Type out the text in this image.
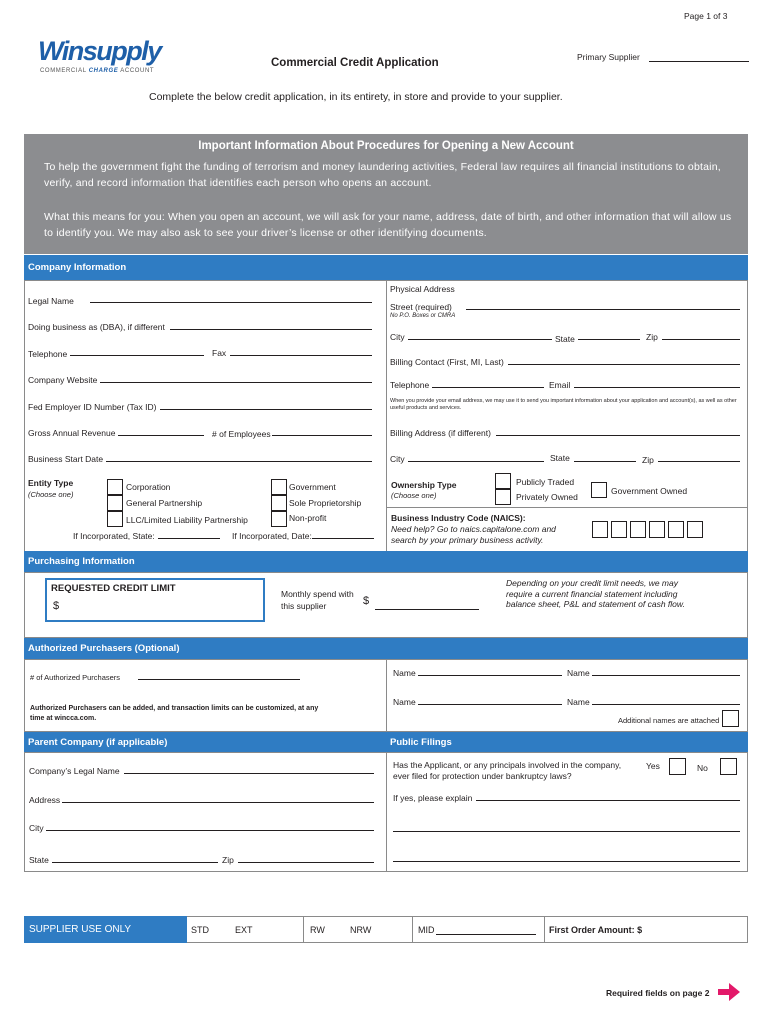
Page 1 of 3
Winsupply
COMMERCIAL CHARGE ACCOUNT
Commercial Credit Application	Primary Supplier
Complete the below credit application, in its entirety, in store and provide to your supplier.
Important Information About Procedures for Opening a New Account
To help the government fight the funding of terrorism and money laundering activities, Federal law requires all financial institutions to obtain, verify, and record information that identifies each person who opens an account.
What this means for you: When you open an account, we will ask for your name, address, date of birth, and other information that will allow us to identify you. We may also ask to see your driver’s license or other identifying documents.
Company Information
Legal Name
Doing business as (DBA), if different
Telephone	Fax
Company Website
Fed Employer ID Number (Tax ID)
Gross Annual Revenue	# of Employees
Business Start Date
Physical Address
Street (required)
No P.O. Boxes or CMRA
City	State	Zip
Billing Contact (First, MI, Last)
Telephone	Email
When you provide your email address, we may use it to send you important information about your application and account(s), as well as other useful products and services.
Billing Address (if different)
City	State	Zip
Entity Type
(Choose one)
Corporation
General Partnership
LLC/Limited Liability Partnership
Government
Sole Proprietorship
Non-profit
If Incorporated, State:	If Incorporated, Date:
Ownership Type
(Choose one)
Publicly Traded
Privately Owned
Government Owned
Business Industry Code (NAICS):
Need help? Go to naics.capitalone.com and search by your primary business activity.
Purchasing Information
REQUESTED CREDIT LIMIT
$
Monthly spend with this supplier	$
Depending on your credit limit needs, we may require a current financial statement including balance sheet, P&L and statement of cash flow.
Authorized Purchasers (Optional)
# of Authorized Purchasers
Authorized Purchasers can be added, and transaction limits can be customized, at any time at wincca.com.
Name	Name
Name	Name
Additional names are attached
Parent Company (if applicable)	Public Filings
Company’s Legal Name
Address
City
State	Zip
Has the Applicant, or any principals involved in the company, ever filed for protection under bankruptcy laws?
Yes	No
If yes, please explain
SUPPLIER USE ONLY	STD	EXT	RW	NRW	MID	First Order Amount: $
Required fields on page 2
